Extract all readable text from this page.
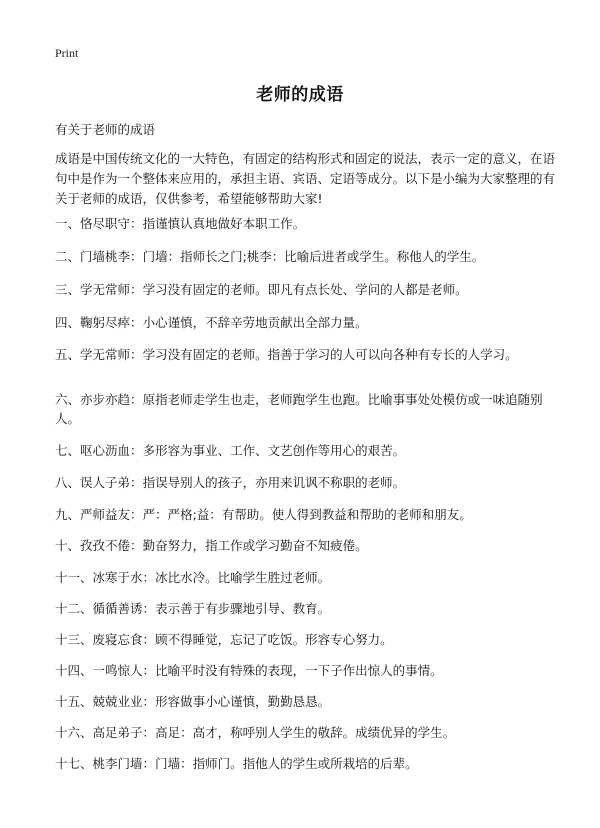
Print
老师的成语
有关于老师的成语
成语是中国传统文化的一大特色，有固定的结构形式和固定的说法，表示一定的意义，在语句中是作为一个整体来应用的，承担主语、宾语、定语等成分。以下是小编为大家整理的有关于老师的成语，仅供参考，希望能够帮助大家!
一、恪尽职守：指谨慎认真地做好本职工作。
二、门墙桃李：门墙：指师长之门;桃李：比喻后进者或学生。称他人的学生。
三、学无常师：学习没有固定的老师。即凡有点长处、学问的人都是老师。
四、鞠躬尽瘁：小心谨慎，不辞辛劳地贡献出全部力量。
五、学无常师：学习没有固定的老师。指善于学习的人可以向各种有专长的人学习。
六、亦步亦趋：原指老师走学生也走，老师跑学生也跑。比喻事事处处模仿或一味追随别人。
七、呕心沥血：多形容为事业、工作、文艺创作等用心的艰苦。
八、误人子弟：指误导别人的孩子，亦用来讥讽不称职的老师。
九、严师益友：严：严格;益：有帮助。使人得到教益和帮助的老师和朋友。
十、孜孜不倦：勤奋努力，指工作或学习勤奋不知疲倦。
十一、冰寒于水：冰比水冷。比喻学生胜过老师。
十二、循循善诱：表示善于有步骤地引导、教育。
十三、废寝忘食：顾不得睡觉，忘记了吃饭。形容专心努力。
十四、一鸣惊人：比喻平时没有特殊的表现，一下子作出惊人的事情。
十五、兢兢业业：形容做事小心谨慎，勤勤恳恳。
十六、高足弟子：高足：高才，称呼别人学生的敬辞。成绩优异的学生。
十七、桃李门墙：门墙：指师门。指他人的学生或所栽培的后辈。
